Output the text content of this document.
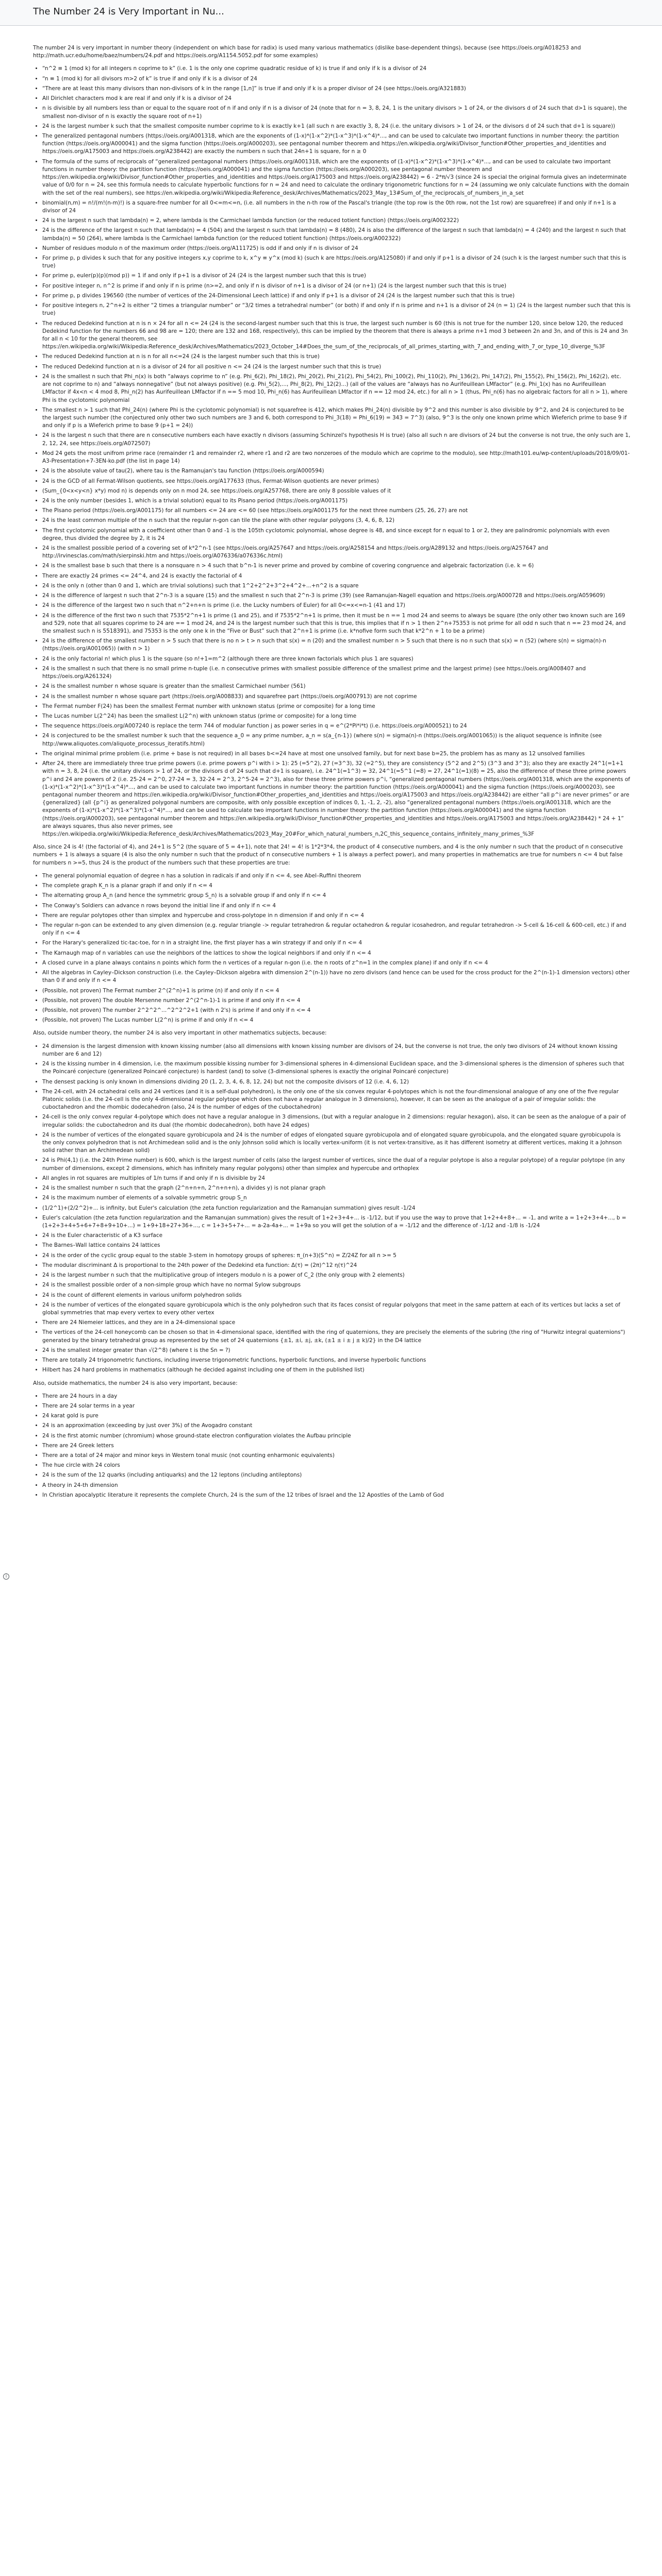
The Number 24 is Very Important in Nu...
i

The number 24 is very important in number theory (independent on which base for radix) is used many various mathematics (dislike base-dependent things), because (see https://oeis.org/A018253 and http://math.ucr.edu/home/baez/numbers/24.pdf and https://oeis.org/A1154.5052.pdf for some examples)

• “n^2 ≡ 1 (mod k) for all integers n coprime to k” (i.e. 1 is the only one coprime quadratic residue of k) is true if and only if k is a divisor of 24
• “n ≡ 1 (mod k) for all divisors m>2 of k” is true if and only if k is a divisor of 24
• “There are at least this many divisors than non-divisors of k in the range [1,n]” is true if and only if k is a proper divisor of 24 (see https://oeis.org/A321883)
• All Dirichlet characters mod k are real if and only if k is a divisor of 24
• n is divisible by all numbers less than or equal to the square root of n if and only if n is a divisor of 24 (note that for n = 3, 8, 24, 1 is the unitary divisors > 1 of 24, or the divisors d of 24 such that d>1 is square), the smallest non-divisor of n is exactly the square root of n+1)
• 24 is the largest number k such that the smallest composite number coprime to k is exactly k+1 (all such n are exactly 3, 8, 24 (i.e. the unitary divisors > 1 of 24, or the divisors d of 24 such that d+1 is square))
• The generalized pentagonal numbers (https://oeis.org/A001318, which are the exponents of (1-x)*(1-x^2)*(1-x^3)*(1-x^4)*..., and can be used to calculate two important functions in number theory: the partition function (https://oeis.org/A000041) and the sigma function (https://oeis.org/A000203), see pentagonal number theorem and https://en.wikipedia.org/wiki/Divisor_function#Other_properties_and_identities and https://oeis.org/A175003 and https://oeis.org/A238442) are exactly the numbers n such that 24n+1 is square, for n ≥ 0
• The formula of the sums of reciprocals of “generalized pentagonal numbers (https://oeis.org/A001318, which are the exponents of (1-x)*(1-x^2)*(1-x^3)*(1-x^4)*..., and can be used to calculate two important functions in number theory: the partition function (https://oeis.org/A000041) and the sigma function (https://oeis.org/A000203), see pentagonal number theorem and https://en.wikipedia.org/wiki/Divisor_function#Other_properties_and_identities and https://oeis.org/A175003 and https://oeis.org/A238442) = 6 - 2*π/√3 (since 24 is special the original formula gives an indeterminate value of 0/0 for n = 24, see this formula needs to calculate hyperbolic functions for n = 24 and need to calculate the ordinary trigonometric functions for n = 24 (assuming we only calculate functions with the domain with the set of the real numbers), see https://en.wikipedia.org/wiki/Wikipedia:Reference_desk/Archives/Mathematics/2023_May_13#Sum_of_the_reciprocals_of_numbers_in_a_set
• binomial(n,m) = n!/(m!(n-m)!) is a square-free number for all 0<=m<=n, (i.e. all numbers in the n-th row of the Pascal's triangle (the top row is the 0th row, not the 1st row) are squarefree) if and only if n+1 is a divisor of 24
• 24 is the largest n such that lambda(n) = 2, where lambda is the Carmichael lambda function (or the reduced totient function) (https://oeis.org/A002322)
• 24 is the difference of the largest n such that lambda(n) = 4 (504) and the largest n such that lambda(n) = 8 (480), 24 is also the difference of the largest n such that lambda(n) = 4 (240) and the largest n such that lambda(n) = 50 (264), where lambda is the Carmichael lambda function (or the reduced totient function) (https://oeis.org/A002322)
• Number of residues modulo n of the maximum order (https://oeis.org/A111725) is odd if and only if n is divisor of 24
• For prime p, p divides k such that for any positive integers x,y coprime to k, x^y ≡ y^x (mod k) (such k are https://oeis.org/A125080) if and only if p+1 is a divisor of 24 (such k is the largest number such that this is true)
• For prime p, euler(p)(p)(mod p)) = 1 if and only if p+1 is a divisor of 24 (24 is the largest number such that this is true)
• For positive integer n, n^2 is prime if and only if n is prime (n>=2, and only if n is divisor of n+1 is a divisor of 24 (or n+1) (24 is the largest number such that this is true)
• For prime p, p divides 196560 (the number of vertices of the 24-Dimensional Leech lattice) if and only if p+1 is a divisor of 24 (24 is the largest number such that this is true)
• For positive integers n, 2^n+2 is either “2 times a triangular number” or “3/2 times a tetrahedral number” (or both) if and only if n is prime and n+1 is a divisor of 24 (n = 1) (24 is the largest number such that this is true)
• The reduced Dedekind function at n is n × 24 for all n <= 24 (24 is the second-largest number such that this is true, the largest such number is 60 (this is not true for the number 120, since below 120, the reduced Dedekind function for the numbers 66 and 98 are = 120; there are 132 and 168, respectively), this can be implied by the theorem that there is always a prime n+1 mod 3 between 2n and 3n, and of this is 24 and 3n for all n < 10 for the general theorem, see https://en.wikipedia.org/wiki/Wikipedia:Reference_desk/Archives/Mathematics/2023_October_14#Does_the_sum_of_the_reciprocals_of_all_primes_starting_with_7_and_ending_with_7_or_type_10_diverge_%3F
• The reduced Dedekind function at n is n for all n<=24 (24 is the largest number such that this is true)
• The reduced Dedekind function at n is a divisor of 24 for all positive n <= 24 (24 is the largest number such that this is true)
• 24 is the smallest n such that Phi_n(x) is both “always coprime to n” (e.g. Phi_6(2), Phi_18(2), Phi_20(2), Phi_21(2), Phi_54(2), Phi_100(2), Phi_110(2), Phi_136(2), Phi_147(2), Phi_155(2), Phi_156(2), Phi_162(2), etc. are not coprime to n) and “always nonnegative” (but not always positive) (e.g. Phi_5(2),..., Phi_8(2), Phi_12(2)...) (all of the values are “always has no Aurifeuillean LMfactor” (e.g. Phi_1(x) has no Aurifeuillean LMfactor if 4x<n < 4 mod 8, Phi_n(2) has Aurifeuillean LMfactor if n == 5 mod 10, Phi_n(6) has Aurifeuillean LMfactor if n == 12 mod 24, etc.) for all n > 1 (thus, Phi_n(6) has no algebraic factors for all n > 1), where Phi is the cyclotomic polynomial
• The smallest n > 1 such that Phi_24(n) (where Phi is the cyclotomic polynomial) is not squarefree is 412, which makes Phi_24(n) divisible by 9^2 and this number is also divisible by 9^2, and 24 is conjectured to be the largest such number (the conjectured only other two such numbers are 3 and 6, both correspond to Phi_3(18) = Phi_6(19) = 343 = 7^3) (also, 9^3 is the only one known prime which Wieferich prime to base 9 if and only if p is a Wieferich prime to base 9 (p+1 = 24))
• 24 is the largest n such that there are n consecutive numbers each have exactly n divisors (assuming Schinzel's hypothesis H is true) (also all such n are divisors of 24 but the converse is not true, the only such are 1, 2, 12, 24, see https://oeis.org/A072507)
• Mod 24 gets the most unifrom prime race (remainder r1 and remainder r2, where r1 and r2 are two nonzeroes of the modulo which are coprime to the modulo), see http://math101.eu/wp-content/uploads/2018/09/01-A3-Presentation+7-3EN-ko.pdf (the list in page 14)
• 24 is the absolute value of tau(2), where tau is the Ramanujan's tau function (https://oeis.org/A000594)
• 24 is the GCD of all Fermat-Wilson quotients, see https://oeis.org/A177633 (thus, Fermat-Wilson quotients are never primes)
• (Sum_{0<x<y<n} x*y) mod n) is depends only on n mod 24, see https://oeis.org/A257768, there are only 8 possible values of it
• 24 is the only number (besides 1, which is a trivial solution) equal to its Pisano period (https://oeis.org/A001175)
• The Pisano period (https://oeis.org/A001175) for all numbers <= 24 are <= 60 (see https://oeis.org/A001175 for the next three numbers (25, 26, 27) are not
• 24 is the least common multiple of the n such that the regular n-gon can tile the plane with other regular polygons (3, 4, 6, 8, 12)
• The first cyclotomic polynomial with a coefficient other than 0 and -1 is the 105th cyclotomic polynomial, whose degree is 48, and since except for n equal to 1 or 2, they are palindromic polynomials with even degree, thus divided the degree by 2, it is 24
• 24 is the smallest possible period of a covering set of k*2^n-1 (see https://oeis.org/A257647 and https://oeis.org/A258154 and https://oeis.org/A289132 and https://oeis.org/A257647 and http://irvinesclas.com/math/sierpinski.htm and https://oeis.org/A076336/a076336c.html)
• 24 is the smallest base b such that there is a nonsquare n > 4 such that b^n-1 is never prime and proved by combine of covering congruence and algebraic factorization (i.e. k = 6)
• There are exactly 24 primes <= 24^4, and 24 is exactly the factorial of 4
• 24 is the only n (other than 0 and 1, which are trivial solutions) such that 1^2+2^2+3^2+4^2+...+n^2 is a square
• 24 is the difference of largest n such that 2^n-3 is a square (15) and the smallest n such that 2^n-3 is prime (39) (see Ramanujan-Nagell equation and https://oeis.org/A000728 and https://oeis.org/A059609)
• 24 is the difference of the largest two n such that n^2+n+n is prime (i.e. the Lucky numbers of Euler) for all 0<=x<=n-1 (41 and 17)
• 24 is the difference of the first two n such that 7535*2^n+1 is prime (1 and 25), and if 7535*2^n+1 is prime, then it must be n == 1 mod 24 and seems to always be square (the only other two known such are 169 and 529, note that all squares coprime to 24 are == 1 mod 24, and 24 is the largest number such that this is true, this implies that if n > 1 then 2^n+75353 is not prime for all odd n such that n == 23 mod 24, and the smallest such n is 5518391), and 75353 is the only one k in the “Five or Bust” such that 2^n+1 is prime (i.e. k*nofive form such that k*2^n + 1 to be a prime)
• 24 is the difference of the smallest number n > 5 such that there is no n > t > n such that s(x) = n (20) and the smallest number n > 5 such that there is no n such that s(x) = n (52) (where s(n) = sigma(n)-n (https://oeis.org/A001065)) (with n > 1)
• 24 is the only factorial n! which plus 1 is the square (so n!+1=m^2 (although there are three known factorials which plus 1 are squares)
• 24 is the smallest n such that there is no small prime n-tuple (i.e. n consecutive primes with smallest possible difference of the smallest prime and the largest prime) (see https://oeis.org/A008407 and https://oeis.org/A261324)
• 24 is the smallest number n whose square is greater than the smallest Carmichael number (561)
• 24 is the smallest number n whose square part (https://oeis.org/A008833) and squarefree part (https://oeis.org/A007913) are not coprime
• The Fermat number F(24) has been the smallest Fermat number with unknown status (prime or composite) for a long time
• The Lucas number L(2^24) has been the smallest L(2^n) with unknown status (prime or composite) for a long time
• The sequence https://oeis.org/A007240 is replace the term 744 of modular function j as power series in q = e^(2*Pi*i*t) (i.e. https://oeis.org/A000521) to 24
• 24 is conjectured to be the smallest number k such that the sequence a_0 = any prime number, a_n = s(a_{n-1}) (where s(n) = sigma(n)-n (https://oeis.org/A001065)) is the aliquot sequence is infinite (see http://www.aliquotes.com/aliquote_processus_iteratifs.html)
• The original minimal prime problem (i.e. prime + base is not required) in all bases b<=24 have at most one unsolved family, but for next base b=25, the problem has as many as 12 unsolved families
• After 24, there are immediately three true prime powers (i.e. prime powers p^i with i > 1): 25 (=5^2), 27 (=3^3), 32 (=2^5), they are consistency (5^2 and 2^5) (3^3 and 3^3); also they are exactly 24^1(=1+1 with n = 3, 8, 24 (i.e. the unitary divisors > 1 of 24, or the divisors d of 24 such that d+1 is square), i.e. 24^1(=1^3) = 32, 24^1(=5^1 (=8) = 27, 24^1(=1)(8) = 25, also the difference of these three prime powers p^i and 24 are powers of 2 (i.e. 25-24 = 2^0, 27-24 = 3, 32-24 = 2^3, 2^5-24 = 2^3), also for these three prime powers p^i, “generalized pentagonal numbers (https://oeis.org/A001318, which are the exponents of (1-x)*(1-x^2)*(1-x^3)*(1-x^4)*..., and can be used to calculate two important functions in number theory: the partition function (https://oeis.org/A000041) and the sigma function (https://oeis.org/A000203), see pentagonal number theorem and https://en.wikipedia.org/wiki/Divisor_function#Other_properties_and_identities and https://oeis.org/A175003 and https://oeis.org/A238442) are either “all p^i are never primes” or are {generalized} (all {p^i} as generalized polygonal numbers are composite, with only possible exception of indices 0, 1, -1, 2, -2), also “generalized pentagonal numbers (https://oeis.org/A001318, which are the exponents of (1-x)*(1-x^2)*(1-x^3)*(1-x^4)*..., and can be used to calculate two important functions in number theory: the partition function (https://oeis.org/A000041) and the sigma function (https://oeis.org/A000203), see pentagonal number theorem and https://en.wikipedia.org/wiki/Divisor_function#Other_properties_and_identities and https://oeis.org/A175003 and https://oeis.org/A238442) * 24 + 1” are always squares, thus also never primes, see https://en.wikipedia.org/wiki/Wikipedia:Reference_desk/Archives/Mathematics/2023_May_20#For_which_natural_numbers_n,2C_this_sequence_contains_infinitely_many_primes_%3F

Also, since 24 is 4! (the factorial of 4), and 24+1 is 5^2 (the square of 5 = 4+1), note that 24! = 4! is 1*2*3*4, the product of 4 consecutive numbers, and 4 is the only number n such that the product of n consecutive numbers + 1 is always a square (4 is also the only number n such that the product of n consecutive numbers + 1 is always a perfect power), and many properties in mathematics are true for numbers n <= 4 but false for numbers n >=5, thus 24 is the product of the numbers such that these properties are true:

• The general polynomial equation of degree n has a solution in radicals if and only if n <= 4, see Abel–Ruffini theorem
• The complete graph K_n is a planar graph if and only if n <= 4
• The alternating group A_n (and hence the symmetric group S_n) is a solvable group if and only if n <= 4
• The Conway's Soldiers can advance n rows beyond the initial line if and only if n <= 4
• There are regular polytopes other than simplex and hypercube and cross-polytope in n dimension if and only if n <= 4
• The regular n-gon can be extended to any given dimension (e.g. regular triangle -> regular tetrahedron & regular octahedron & regular icosahedron, and regular tetrahedron -> 5-cell & 16-cell & 600-cell, etc.) if and only if n <= 4
• For the Harary's generalized tic-tac-toe, for n in a straight line, the first player has a win strategy if and only if n <= 4
• The Karnaugh map of n variables can use the neighbors of the lattices to show the logical neighbors if and only if n <= 4
• A closed curve in a plane always contains n points which form the n vertices of a regular n-gon (i.e. the n roots of z^n=1 in the complex plane) if and only if n <= 4
• All the algebras in Cayley–Dickson construction (i.e. the Cayley–Dickson algebra with dimension 2^(n-1)) have no zero divisors (and hence can be used for the cross product for the 2^(n-1)-1 dimension vectors) other than 0 if and only if n <= 4
• (Possible, not proven) The Fermat number 2^(2^n)+1 is prime (n) if and only if n <= 4
• (Possible, not proven) The double Mersenne number 2^(2^n-1)-1 is prime if and only if n <= 4
• (Possible, not proven) The number 2^2^2^...^2^2^2+1 (with n 2's) is prime if and only if n <= 4
• (Possible, not proven) The Lucas number L(2^n) is prime if and only if n <= 4

Also, outside number theory, the number 24 is also very important in other mathematics subjects, because:

• 24 dimension is the largest dimension with known kissing number (also all dimensions with known kissing number are divisors of 24, but the converse is not true, the only two divisors of 24 without known kissing number are 6 and 12)
• 24 is the kissing number in 4 dimension, i.e. the maximum possible kissing number for 3-dimensional spheres in 4-dimensional Euclidean space, and the 3-dimensional spheres is the dimension of spheres such that the Poincaré conjecture (generalized Poincaré conjecture) is hardest (and) to solve (3-dimensional spheres is exactly the original Poincaré conjecture)
• The densest packing is only known in dimensions dividing 20 (1, 2, 3, 4, 6, 8, 12, 24) but not the composite divisors of 12 (i.e. 4, 6, 12)
• The 24-cell, with 24 octahedral cells and 24 vertices (and it is a self-dual polyhedron), is the only one of the six convex regular 4-polytopes which is not the four-dimensional analogue of any one of the five regular Platonic solids (i.e. the 24-cell is the only 4-dimensional regular polytope which does not have a regular analogue in 3 dimensions), however, it can be seen as the analogue of a pair of irregular solids: the cuboctahedron and the rhombic dodecahedron (also, 24 is the number of edges of the cuboctahedron)
• 24-cell is the only convex regular 4-polytope which does not have a regular analogue in 3 dimensions, (but with a regular analogue in 2 dimensions: regular hexagon), also, it can be seen as the analogue of a pair of irregular solids: the cuboctahedron and its dual (the rhombic dodecahedron), both have 24 edges)
• 24 is the number of vertices of the elongated square gyrobicupola and 24 is the number of edges of elongated square gyrobicupola and of elongated square gyrobicupola, and the elongated square gyrobicupola is the only convex polyhedron that is not Archimedean solid and is the only Johnson solid which is locally vertex-uniform (it is not vertex-transitive, as it has different isometry at different vertices, making it a Johnson solid rather than an Archimedean solid)
• 24 is Phi(4,1) (i.e. the 24th Prime number) is 600, which is the largest number of cells (also the largest number of vertices, since the dual of a regular polytope is also a regular polytope) of a regular polytope (in any number of dimensions, except 2 dimensions, which has infinitely many regular polygons) other than simplex and hypercube and orthoplex
• All angles in rot squares are multiples of 1/n turns if and only if n is divisible by 24
• 24 is the smallest number n such that the graph (2^n+n+n, 2^n+n+n), a divides y) is not planar graph
• 24 is the maximum number of elements of a solvable symmetric group S_n
• (1/2^1)+(2/2^2)+... is infinity, but Euler's calculation (the zeta function regularization and the Ramanujan summation) gives result -1/24
• Euler's calculation (the zeta function regularization and the Ramanujan summation) gives the result of 1+2+3+4+... is -1/12, but if you use the way to prove that 1+2+4+8+... = -1, and write a = 1+2+3+4+..., b = (1+2+3+4+5+6+7+8+9+10+...) = 1+9+18+27+36+..., c = 1+3+5+7+... = a-2a-4a+... = 1+9a so you will get the solution of a = -1/12 and the difference of -1/12 and -1/8 is -1/24
• 24 is the Euler characteristic of a K3 surface
• The Barnes–Wall lattice contains 24 lattices
• 24 is the order of the cyclic group equal to the stable 3-stem in homotopy groups of spheres: π_(n+3)(S^n) = Z/24Z for all n >= 5
• The modular discriminant Δ is proportional to the 24th power of the Dedekind eta function: Δ(τ) = (2π)^12 η(τ)^24
• 24 is the largest number n such that the multiplicative group of integers modulo n is a power of C_2 (the only group with 2 elements)
• 24 is the smallest possible order of a non-simple group which have no normal Sylow subgroups
• 24 is the count of different elements in various uniform polyhedron solids
• 24 is the number of vertices of the elongated square gyrobicupola which is the only polyhedron such that its faces consist of regular polygons that meet in the same pattern at each of its vertices but lacks a set of global symmetries that map every vertex to every other vertex
• There are 24 Niemeier lattices, and they are in a 24-dimensional space
• The vertices of the 24-cell honeycomb can be chosen so that in 4-dimensional space, identified with the ring of quaternions, they are precisely the elements of the subring (the ring of "Hurwitz integral quaternions") generated by the binary tetrahedral group as represented by the set of 24 quaternions {±1, ±i, ±j, ±k, (±1 ± i ± j ± k)/2} in the D4 lattice
• 24 is the smallest integer greater than √(2^8) (where t is the Sn = ?)
• There are totally 24 trigonometric functions, including inverse trigonometric functions, hyperbolic functions, and inverse hyperbolic functions
• Hilbert has 24 hard problems in mathematics (although he decided against including one of them in the published list)

Also, outside mathematics, the number 24 is also very important, because:

• There are 24 hours in a day
• There are 24 solar terms in a year
• 24 karat gold is pure
• 24 is an approximation (exceeding by just over 3%) of the Avogadro constant
• 24 is the first atomic number (chromium) whose ground-state electron configuration violates the Aufbau principle
• There are 24 Greek letters
• There are a total of 24 major and minor keys in Western tonal music (not counting enharmonic equivalents)
• The hue circle with 24 colors
• 24 is the sum of the 12 quarks (including antiquarks) and the 12 leptons (including antileptons)
• A theory in 24-th dimension
• In Christian apocalyptic literature it represents the complete Church, 24 is the sum of the 12 tribes of Israel and the 12 Apostles of the Lamb of God
